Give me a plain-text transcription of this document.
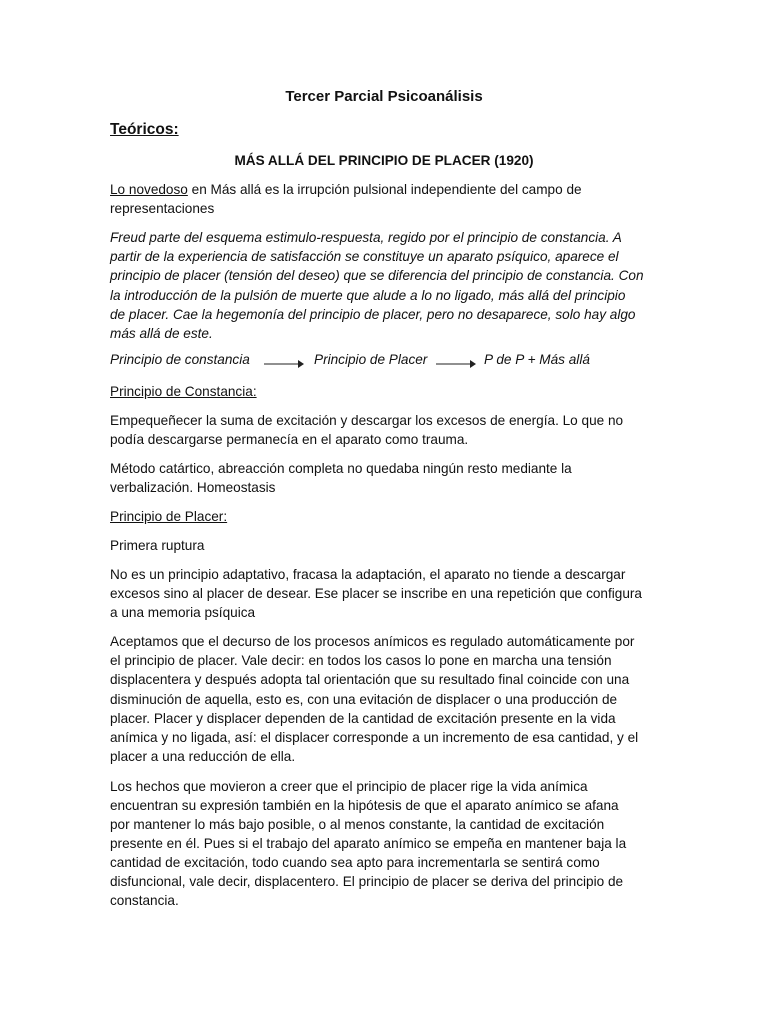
Tercer Parcial Psicoanálisis
Teóricos:
MÁS ALLÁ DEL PRINCIPIO DE PLACER (1920)
Lo novedoso en Más allá es la irrupción pulsional independiente del campo de
representaciones
Freud parte del esquema estimulo-respuesta, regido por el principio de constancia. A
partir de la experiencia de satisfacción se constituye un aparato psíquico, aparece el
principio de placer (tensión del deseo) que se diferencia del principio de constancia. Con
la introducción de la pulsión de muerte que alude a lo no ligado, más allá del principio
de placer. Cae la hegemonía del principio de placer, pero no desaparece, solo hay algo
más allá de este.
Principio de constancia	Principio de Placer	P de P + Más allá
Principio de Constancia:
Empequeñecer la suma de excitación y descargar los excesos de energía. Lo que no
podía descargarse permanecía en el aparato como trauma.
Método catártico, abreacción completa no quedaba ningún resto mediante la
verbalización. Homeostasis
Principio de Placer:
Primera ruptura
No es un principio adaptativo, fracasa la adaptación, el aparato no tiende a descargar
excesos sino al placer de desear. Ese placer se inscribe en una repetición que configura
a una memoria psíquica
Aceptamos que el decurso de los procesos anímicos es regulado automáticamente por
el principio de placer. Vale decir: en todos los casos lo pone en marcha una tensión
displacentera y después adopta tal orientación que su resultado final coincide con una
disminución de aquella, esto es, con una evitación de displacer o una producción de
placer. Placer y displacer dependen de la cantidad de excitación presente en la vida
anímica y no ligada, así: el displacer corresponde a un incremento de esa cantidad, y el
placer a una reducción de ella.
Los hechos que movieron a creer que el principio de placer rige la vida anímica
encuentran su expresión también en la hipótesis de que el aparato anímico se afana
por mantener lo más bajo posible, o al menos constante, la cantidad de excitación
presente en él. Pues si el trabajo del aparato anímico se empeña en mantener baja la
cantidad de excitación, todo cuando sea apto para incrementarla se sentirá como
disfuncional, vale decir, displacentero. El principio de placer se deriva del principio de
constancia.
